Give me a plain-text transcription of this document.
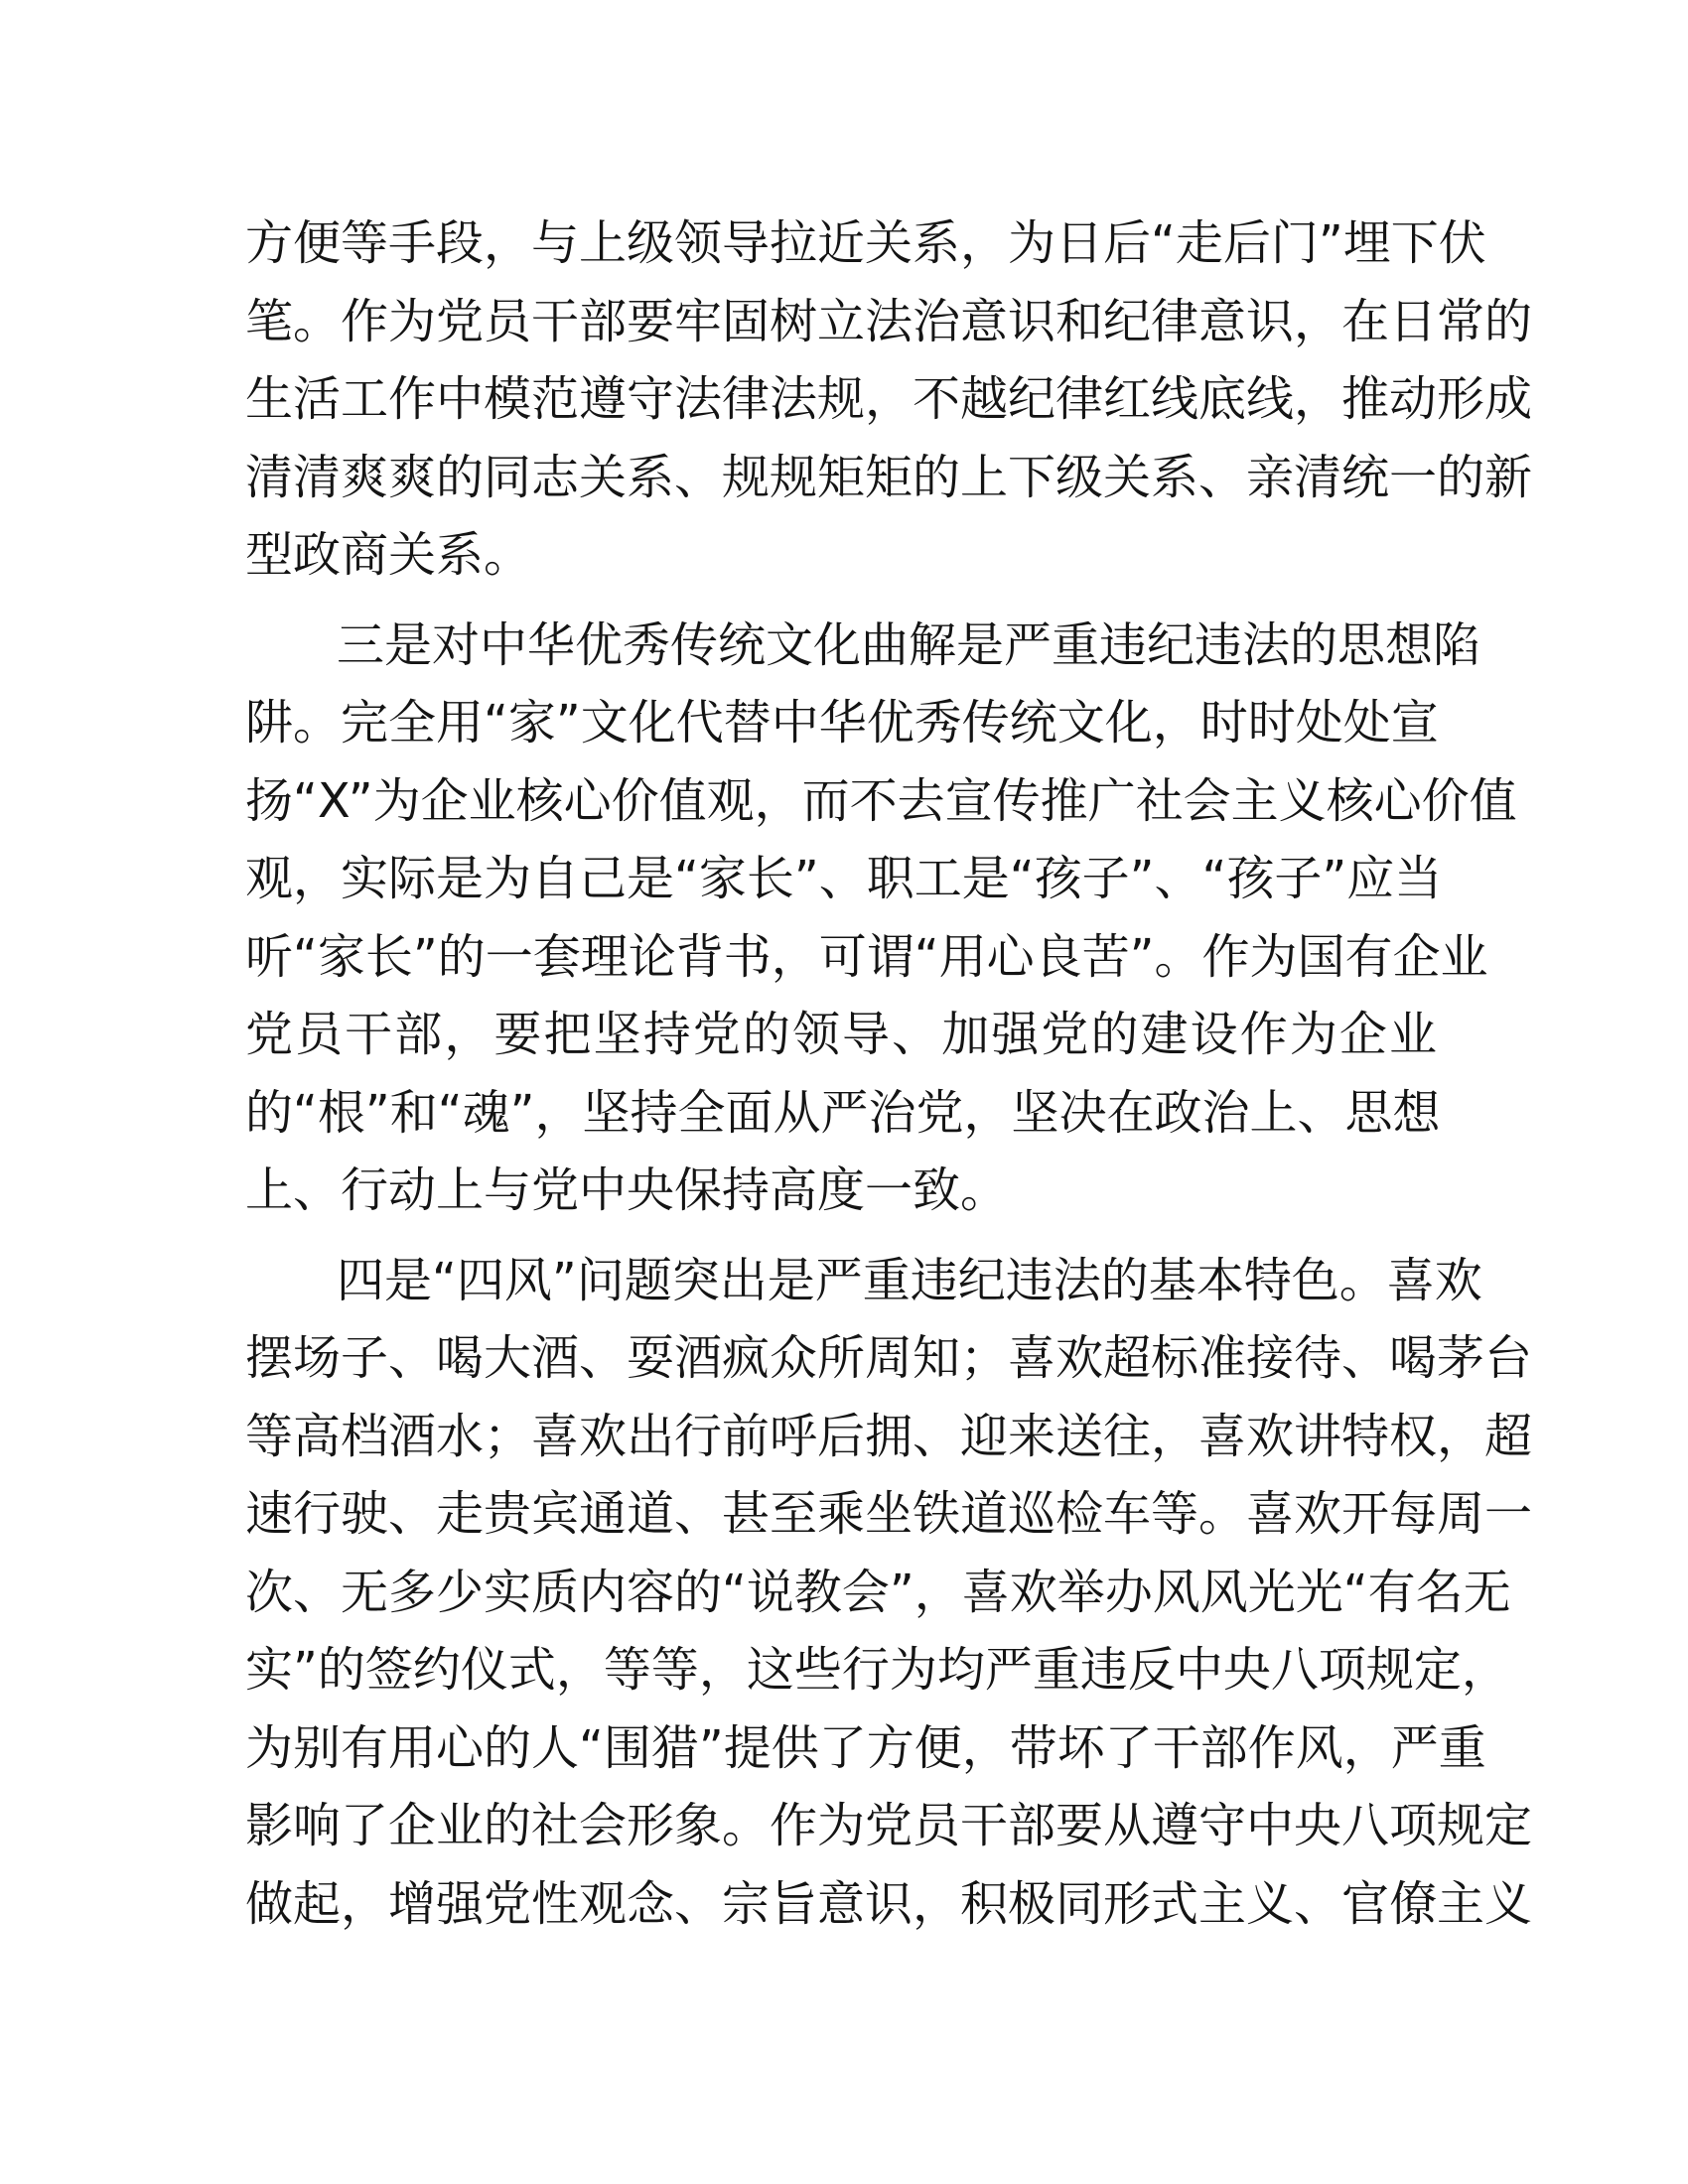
方便等手段，与上级领导拉近关系，为日后“走后门”埋下伏
笔。作为党员干部要牢固树立法治意识和纪律意识，在日常的
生活工作中模范遵守法律法规，不越纪律红线底线，推动形成
清清爽爽的同志关系、规规矩矩的上下级关系、亲清统一的新
型政商关系。
三是对中华优秀传统文化曲解是严重违纪违法的思想陷
阱。完全用“家”文化代替中华优秀传统文化，时时处处宣
扬“X”为企业核心价值观，而不去宣传推广社会主义核心价值
观，实际是为自己是“家长”、职工是“孩子”、“孩子”应当
听“家长”的一套理论背书，可谓“用心良苦”。作为国有企业
党员干部，要把坚持党的领导、加强党的建设作为企业
的“根”和“魂”，坚持全面从严治党，坚决在政治上、思想
上、行动上与党中央保持高度一致。
四是“四风”问题突出是严重违纪违法的基本特色。喜欢
摆场子、喝大酒、耍酒疯众所周知；喜欢超标准接待、喝茅台
等高档酒水；喜欢出行前呼后拥、迎来送往，喜欢讲特权，超
速行驶、走贵宾通道、甚至乘坐铁道巡检车等。喜欢开每周一
次、无多少实质内容的“说教会”，喜欢举办风风光光“有名无
实”的签约仪式，等等，这些行为均严重违反中央八项规定，
为别有用心的人“围猎”提供了方便，带坏了干部作风，严重
影响了企业的社会形象。作为党员干部要从遵守中央八项规定
做起，增强党性观念、宗旨意识，积极同形式主义、官僚主义
